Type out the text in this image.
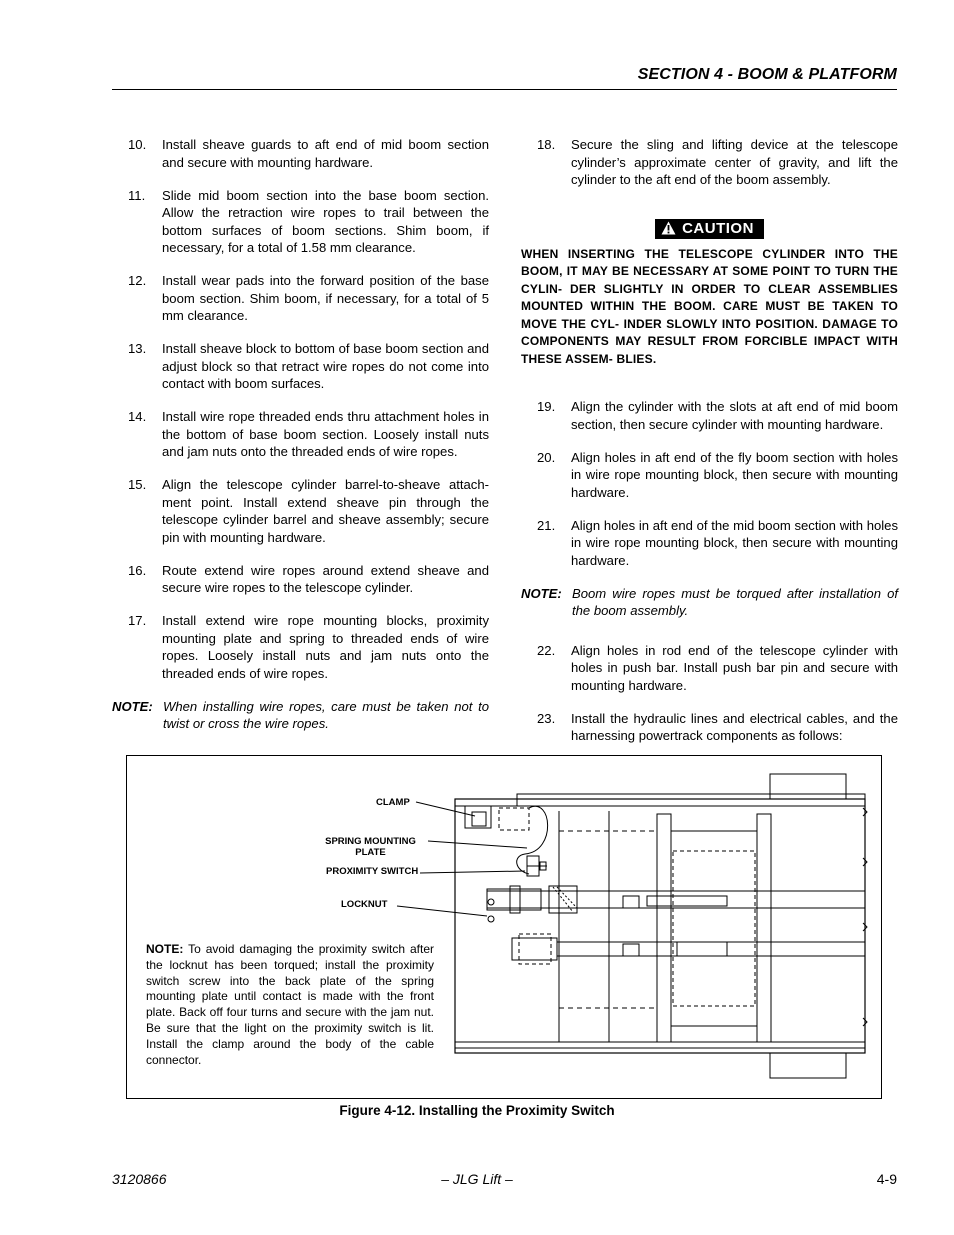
SECTION 4 - BOOM & PLATFORM
10. Install sheave guards to aft end of mid boom section and secure with mounting hardware.
11. Slide mid boom section into the base boom section. Allow the retraction wire ropes to trail between the bottom surfaces of boom sections. Shim boom, if necessary, for a total of 1.58 mm clearance.
12. Install wear pads into the forward position of the base boom section. Shim boom, if necessary, for a total of 5 mm clearance.
13. Install sheave block to bottom of base boom section and adjust block so that retract wire ropes do not come into contact with boom surfaces.
14. Install wire rope threaded ends thru attachment holes in the bottom of base boom section. Loosely install nuts and jam nuts onto the threaded ends of wire ropes.
15. Align the telescope cylinder barrel-to-sheave attach- ment point. Install extend sheave pin through the telescope cylinder barrel and sheave assembly; secure pin with mounting hardware.
16. Route extend wire ropes around extend sheave and secure wire ropes to the telescope cylinder.
17. Install extend wire rope mounting blocks, proximity mounting plate and spring to threaded ends of wire ropes. Loosely install nuts and jam nuts onto the threaded ends of wire ropes.
NOTE: When installing wire ropes, care must be taken not to twist or cross the wire ropes.
18. Secure the sling and lifting device at the telescope cylinder’s approximate center of gravity, and lift the cylinder to the aft end of the boom assembly.
CAUTION
WHEN INSERTING THE TELESCOPE CYLINDER INTO THE BOOM, IT MAY BE NECESSARY AT SOME POINT TO TURN THE CYLIN- DER SLIGHTLY IN ORDER TO CLEAR ASSEMBLIES MOUNTED WITHIN THE BOOM. CARE MUST BE TAKEN TO MOVE THE CYL- INDER SLOWLY INTO POSITION. DAMAGE TO COMPONENTS MAY RESULT FROM FORCIBLE IMPACT WITH THESE ASSEM- BLIES.
19. Align the cylinder with the slots at aft end of mid boom section, then secure cylinder with mounting hardware.
20. Align holes in aft end of the fly boom section with holes in wire rope mounting block, then secure with mounting hardware.
21. Align holes in aft end of the mid boom section with holes in wire rope mounting block, then secure with mounting hardware.
NOTE: Boom wire ropes must be torqued after installation of the boom assembly.
22. Align holes in rod end of the telescope cylinder with holes in push bar. Install push bar pin and secure with mounting hardware.
23. Install the hydraulic lines and electrical cables, and the harnessing powertrack components as follows:
CLAMP
SPRING MOUNTING
PLATE
PROXIMITY SWITCH
LOCKNUT
NOTE: To avoid damaging the proximity switch after the locknut has been torqued; install the proximity switch screw into the back plate of the spring mounting plate until contact is made with the front plate. Back off four turns and secure with the jam nut. Be sure that the light on the proximity switch is lit. Install the clamp around the body of the cable connector.
Figure 4-12. Installing the Proximity Switch
3120866	– JLG Lift –	4-9
